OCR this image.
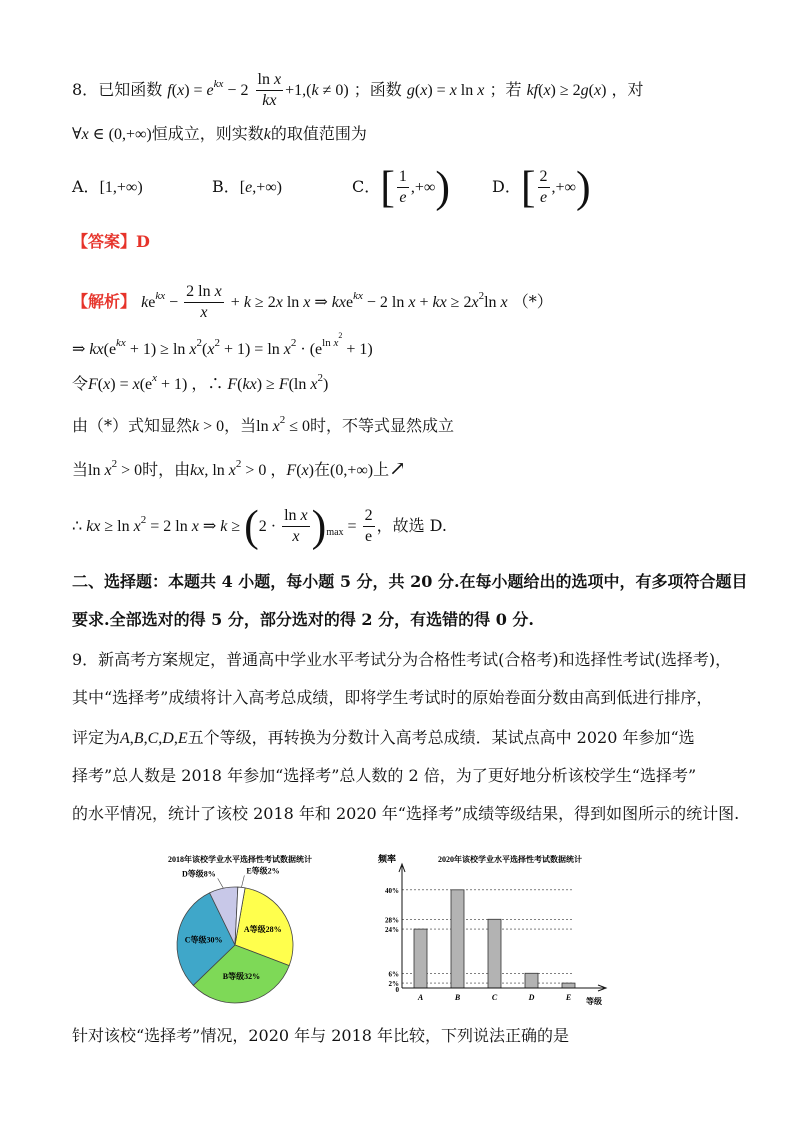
8．已知函数 $f(x) = e^{kx} - 2 \frac{\text{ln x}}{kx} +1,(k \ne 0)$ ；函数 g(x) = x ln x ；若 kf(x) ≥ 2g(x) ，对
∀x ∈ (0,+∞)恒成立，则实数k的取值范围为
A．[1,+∞)	B．[e,+∞)	C．[ $\frac{1}{e}$ ,+∞)	D．[ $\frac{2}{e}$ ,+∞)
【答案】D
【解析】 $ke^{kx} - \frac{\text{2 ln x}}{x} + k \ge 2x$ ln x ⇒ kxe$^{kx}$ − 2 ln x + kx ≥ $2x^2\ln$ x （*）
⇒ $kx(e^{kx} + 1) \ge \ln x^2(x^2 + 1) = \ln x^2 \cdot (e^{ln x^2} + 1)$
令$F(x) = x(e^x + 1)$ ，∴ F(kx) ≥ F(ln $x^2$)
由（*）式知显然k > 0，当$\ln x^2 \le 0$时，不等式显然成立
当$\ln x^2 > 0$时，由kx, $\ln x^2 > 0$ ，F(x)在(0,+∞)上↗
∴ kx ≥ $\ln x^2 = 2$ ln x ⇒ $k \ge (2 \cdot \frac{\text{ln x}}{x} )_{max} = \frac{2}{e}$ ，故选 D.
二、选择题：本题共 4 小题，每小题 5 分，共 20 分.在每小题给出的选项中，有多项符合题目
要求.全部选对的得 5 分，部分选对的得 2 分，有选错的得 0 分.
9．新高考方案规定，普通高中学业水平考试分为合格性考试(合格考)和选择性考试(选择考)，
其中“选择考”成绩将计入高考总成绩，即将学生考试时的原始卷面分数由高到低进行排序，
评定为A,B,C,D,E五个等级，再转换为分数计入高考总成绩．某试点高中 2020 年参加“选
择考”总人数是 2018 年参加“选择考”总人数的 2 倍，为了更好地分析该校学生“选择考”
的水平情况，统计了该校 2018 年和 2020 年“选择考”成绩等级结果，得到如图所示的统计图.
2018年该校学业水平选择性考试数据统计
A等级28%
B等级32%
C等级30%
D等级8%	E等级2%
频率	2020年该校学业水平选择性考试数据统计
40%
28%
24%
6%
2%
0
A	B	C	D	E 等级
针对该校“选择考”情况，2020 年与 2018 年比较，下列说法正确的是
